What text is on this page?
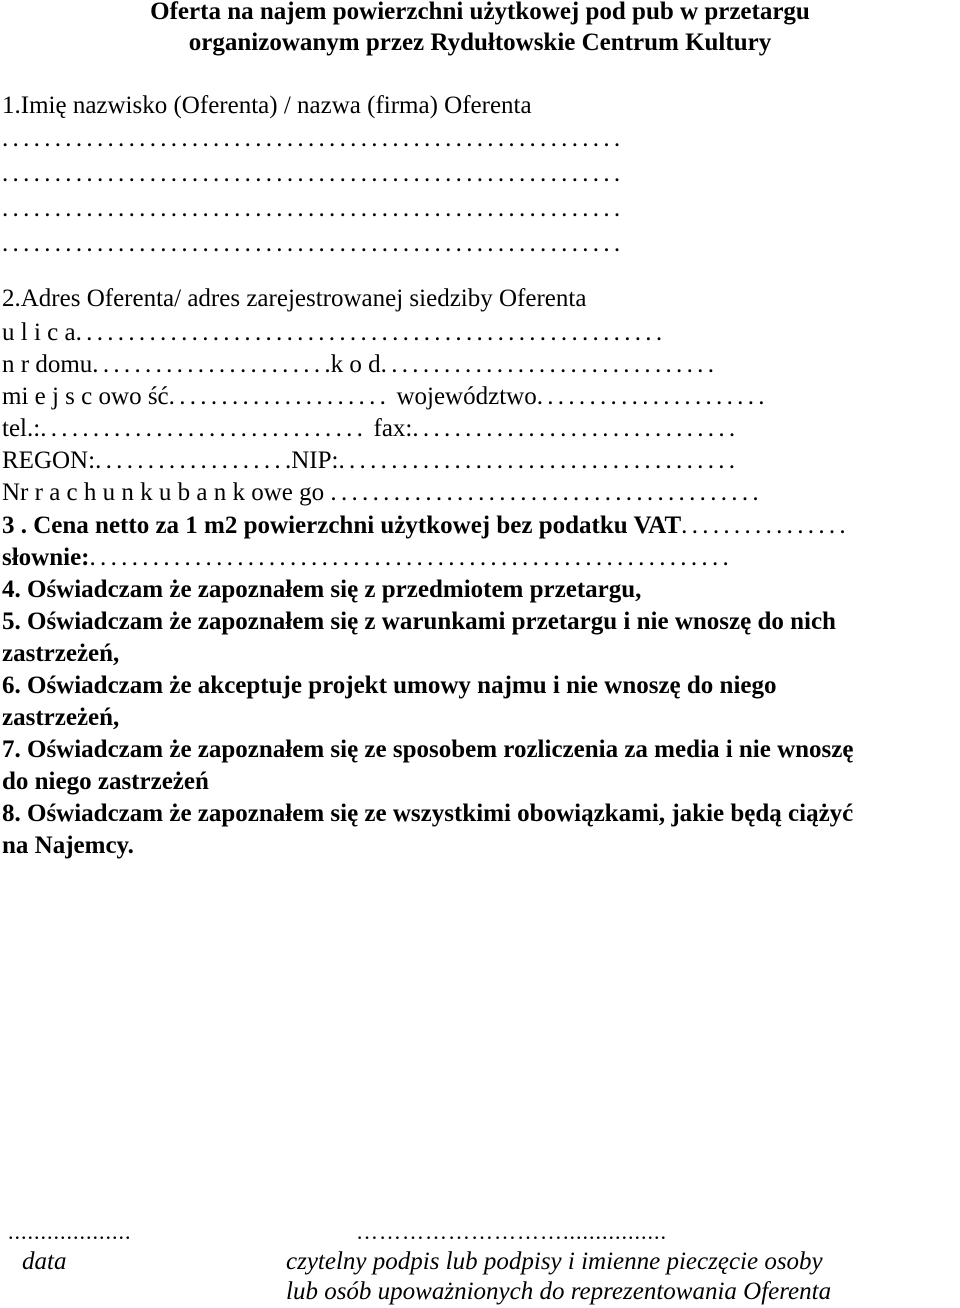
Oferta na najem powierzchni użytkowej pod pub w przetargu
organizowanym przez Rydułtowskie Centrum Kultury
1.Imię nazwisko (Oferenta) / nazwa (firma) Oferenta
...........................................................
...........................................................
...........................................................
...........................................................
2.Adres Oferenta/ adres zarejestrowanej siedziby Oferenta
u l i c a........................................................
n r domu.......................k o d................................
mi e j s c owo ść..................... województwo......................
tel.:............................... fax:...............................
REGON:...................NIP:......................................
Nr r a c h u n k u b a n k owe go .........................................
3 . Cena netto za 1 m2 powierzchni użytkowej bez podatku VAT................
słownie:.............................................................
4. Oświadczam że zapoznałem się z przedmiotem przetargu,
5. Oświadczam że zapoznałem się z warunkami przetargu i nie wnoszę do nich
zastrzeżeń,
6. Oświadczam że akceptuje projekt umowy najmu i nie wnoszę do niego
zastrzeżeń,
7. Oświadczam że zapoznałem się ze sposobem rozliczenia za media i nie wnoszę
do niego zastrzeżeń
8. Oświadczam że zapoznałem się ze wszystkimi obowiązkami, jakie będą ciążyć
na Najemcy.
...................	………………………................
data	czytelny podpis lub podpisy i imienne pieczęcie osoby
lub osób upoważnionych do reprezentowania Oferenta
